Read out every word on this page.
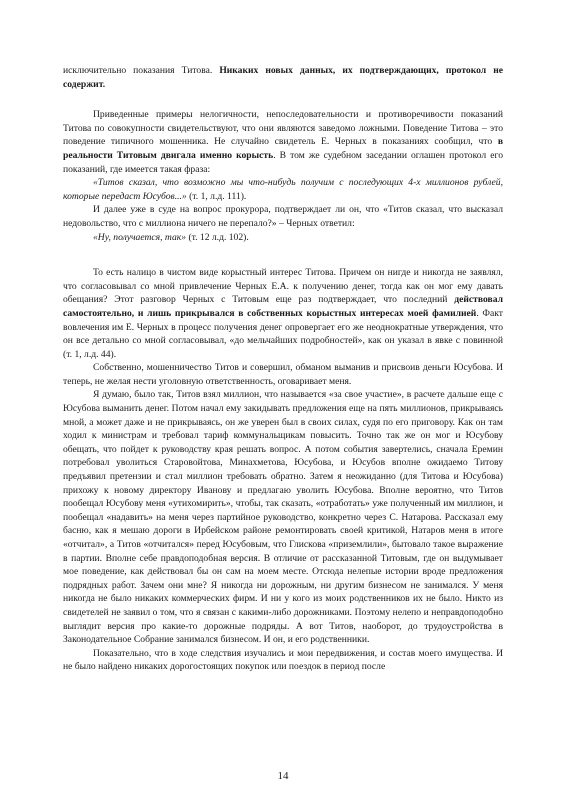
исключительно показания Титова. Никаких новых данных, их подтверждающих, протокол не содержит.

Приведенные примеры нелогичности, непоследовательности и противоречивости показаний Титова по совокупности свидетельствуют, что они являются заведомо ложными. Поведение Титова – это поведение типичного мошенника. Не случайно свидетель Е. Черных в показаниях сообщил, что в реальности Титовым двигала именно корысть. В том же судебном заседании оглашен протокол его показаний, где имеется такая фраза:

«Титов сказал, что возможно мы что-нибудь получим с последующих 4-х миллионов рублей, которые передаст Юсубов...» (т. 1, л.д. 111).

И далее уже в суде на вопрос прокурора, подтверждает ли он, что «Титов сказал, что высказал недовольство, что с миллиона ничего не перепало?» – Черных ответил:

«Ну, получается, так» (т. 12 л.д. 102).

То есть налицо в чистом виде корыстный интерес Титова. Причем он нигде и никогда не заявлял, что согласовывал со мной привлечение Черных Е.А. к получению денег, тогда как он мог ему давать обещания? Этот разговор Черных с Титовым еще раз подтверждает, что последний действовал самостоятельно, и лишь прикрывался в собственных корыстных интересах моей фамилией. Факт вовлечения им Е. Черных в процесс получения денег опровергает его же неоднократные утверждения, что он все детально со мной согласовывал, «до мельчайших подробностей», как он указал в явке с повинной (т. 1, л.д. 44).

Собственно, мошенничество Титов и совершил, обманом выманив и присвоив деньги Юсубова. И теперь, не желая нести уголовную ответственность, оговаривает меня.

Я думаю, было так, Титов взял миллион, что называется «за свое участие», в расчете дальше еще с Юсубова выманить денег. Потом начал ему закидывать предложения еще на пять миллионов, прикрываясь мной, а может даже и не прикрываясь, он же уверен был в своих силах, судя по его приговору. Как он там ходил к министрам и требовал тариф коммунальщикам повысить. Точно так же он мог и Юсубову обещать, что пойдет к руководству края решать вопрос. А потом события завертелись, сначала Еремин потребовал уволиться Старовойтова, Минахметова, Юсубова, и Юсубов вполне ожидаемо Титову предъявил претензии и стал миллион требовать обратно. Затем я неожиданно (для Титова и Юсубова) прихожу к новому директору Иванову и предлагаю уволить Юсубова. Вполне вероятно, что Титов пообещал Юсубову меня «утихомирить», чтобы, так сказать, «отработать» уже полученный им миллион, и пообещал «надавить» на меня через партийное руководство, конкретно через С. Натарова. Рассказал ему басню, как я мешаю дороги в Ирбейском районе ремонтировать своей критикой, Натаров меня в итоге «отчитал», а Титов «отчитался» перед Юсубовым, что Глискова «приземлили», бытовало такое выражение в партии. Вполне себе правдоподобная версия. В отличие от рассказанной Титовым, где он выдумывает мое поведение, как действовал бы он сам на моем месте. Отсюда нелепые истории вроде предложения подрядных работ. Зачем они мне? Я никогда ни дорожным, ни другим бизнесом не занимался. У меня никогда не было никаких коммерческих фирм. И ни у кого из моих родственников их не было. Никто из свидетелей не заявил о том, что я связан с какими-либо дорожниками. Поэтому нелепо и неправдоподобно выглядит версия про какие-то дорожные подряды. А вот Титов, наоборот, до трудоустройства в Законодательное Собрание занимался бизнесом. И он, и его родственники.

Показательно, что в ходе следствия изучались и мои передвижения, и состав моего имущества. И не было найдено никаких дорогостоящих покупок или поездок в период после

14
